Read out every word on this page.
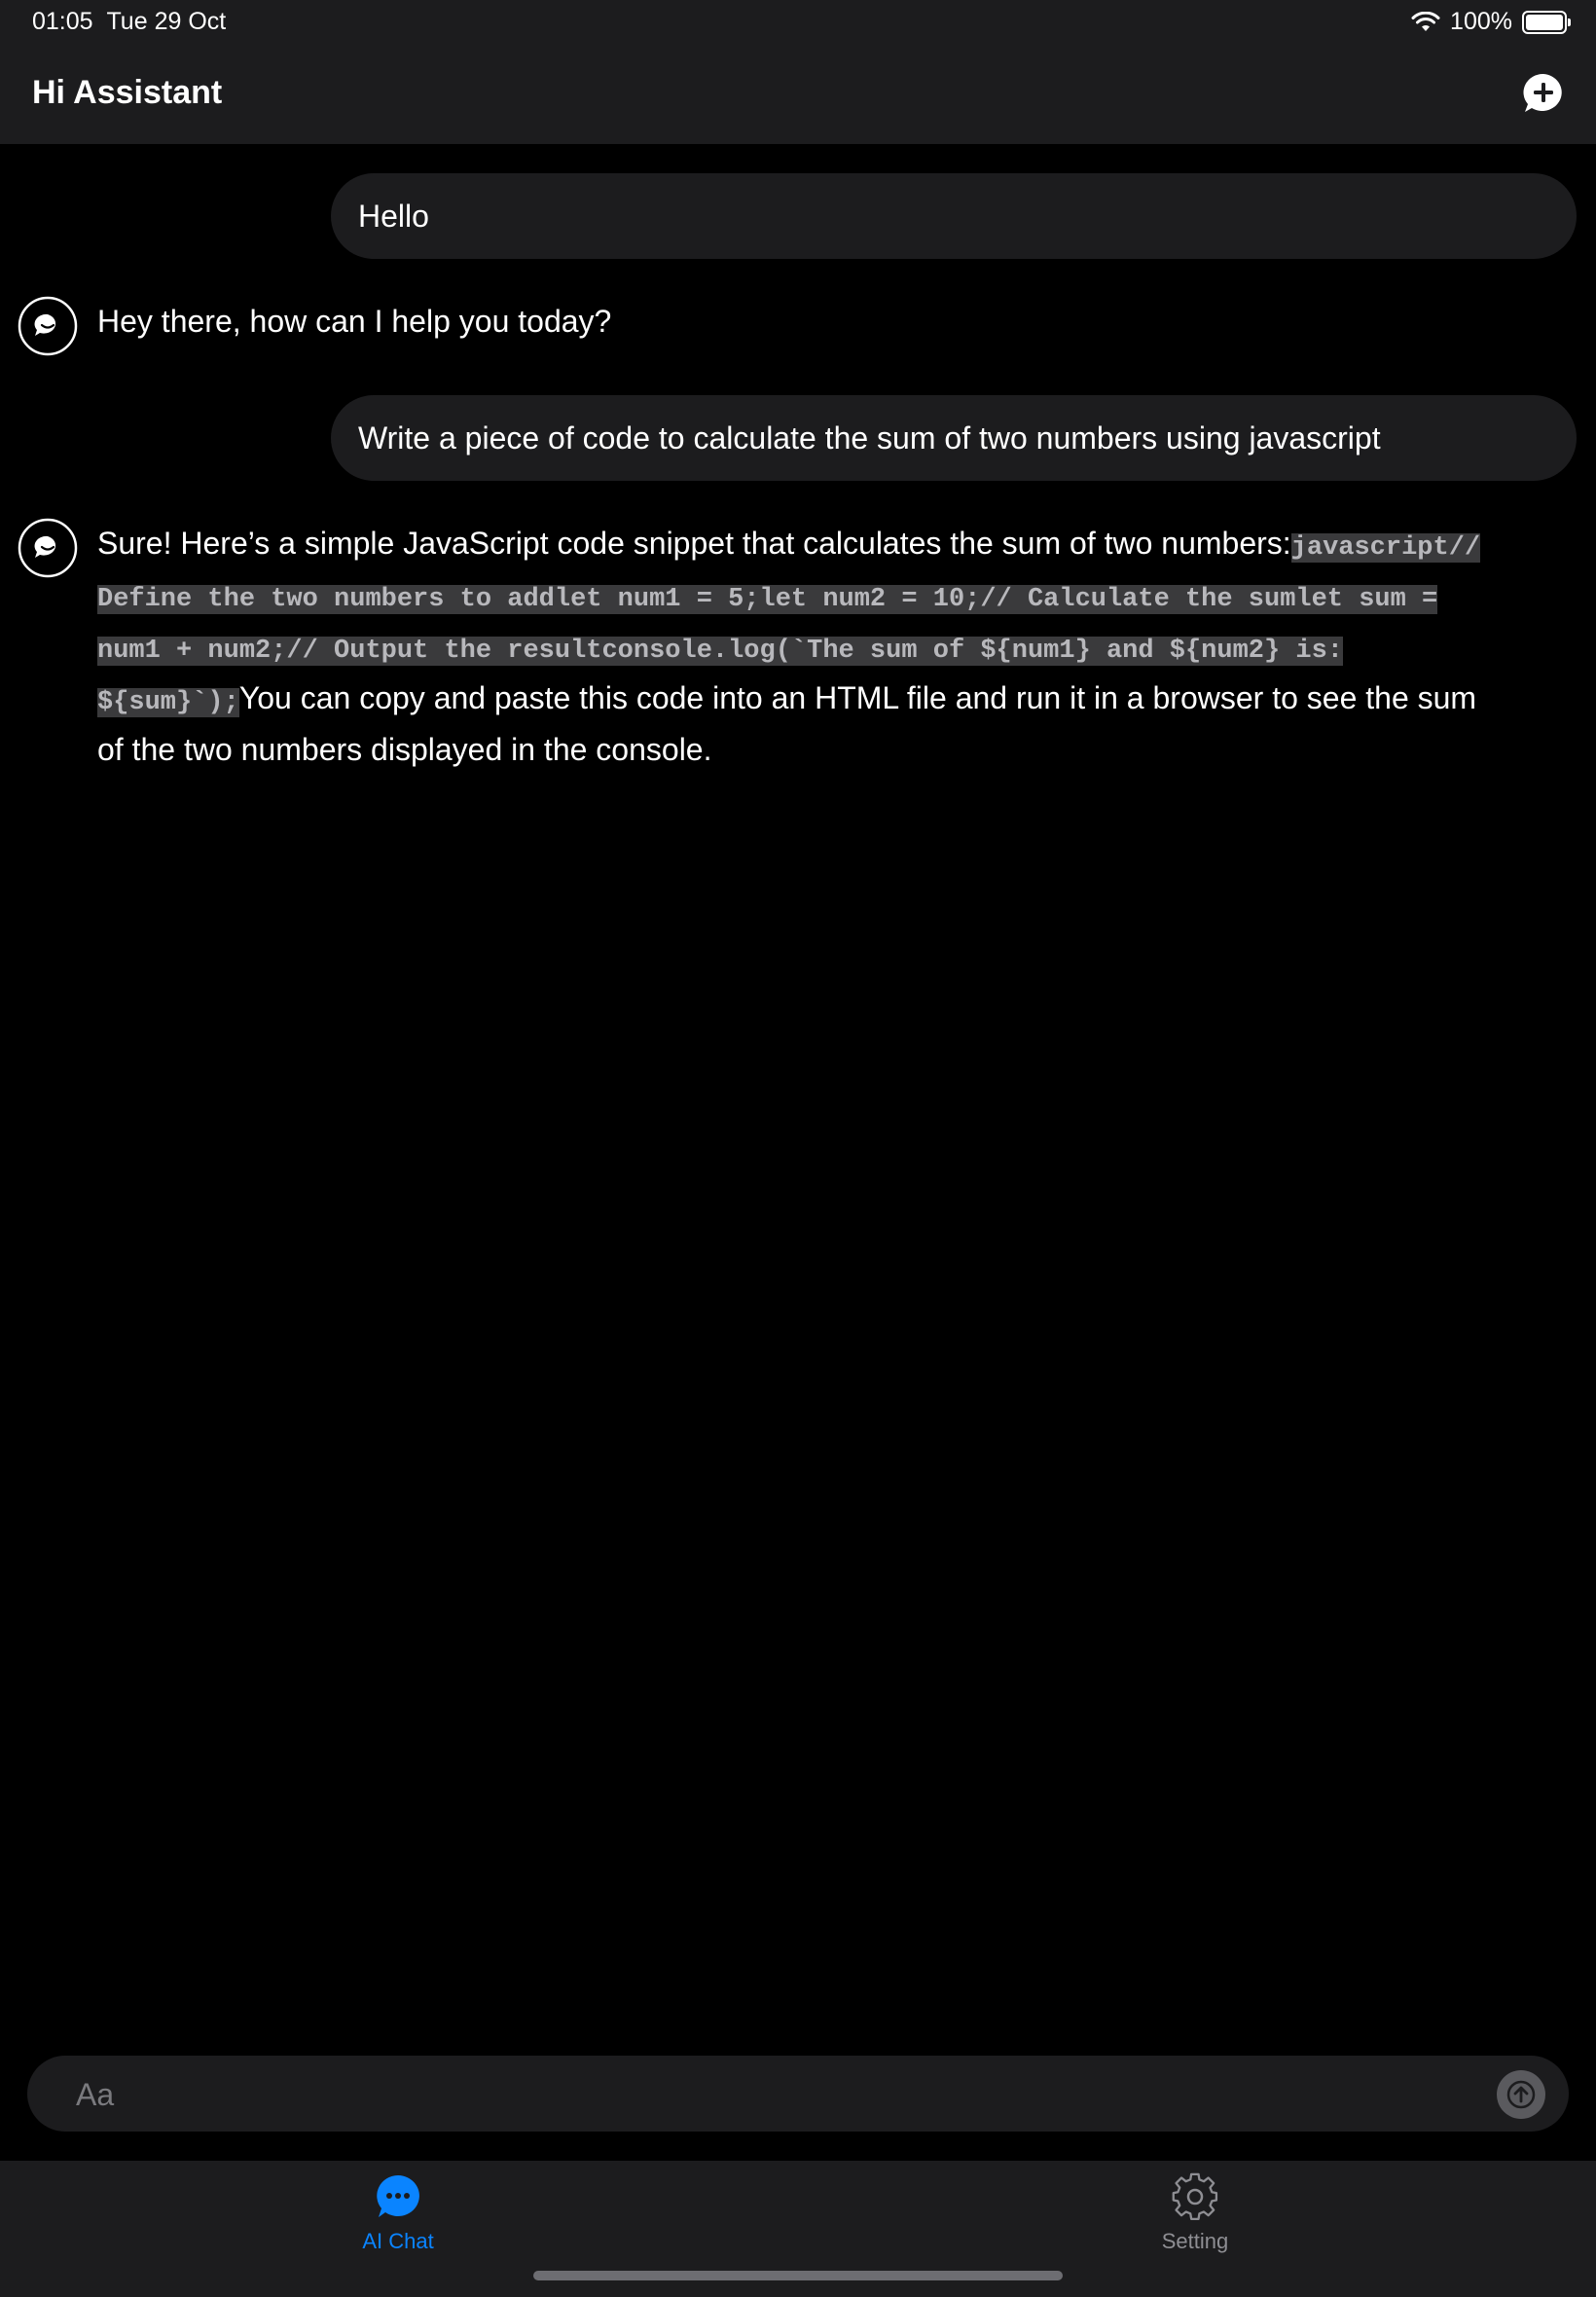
01:05 Tue 29 Oct	100%
Hi Assistant
Hello
Hey there, how can I help you today?
Write a piece of code to calculate the sum of two numbers using javascript
Sure! Here’s a simple JavaScript code snippet that calculates the sum of two numbers:javascript// Define the two numbers to addlet num1 = 5;let num2 = 10;// Calculate the sumlet sum = num1 + num2;// Output the resultconsole.log(`The sum of ${num1} and ${num2} is: ${sum}`);You can copy and paste this code into an HTML file and run it in a browser to see the sum of the two numbers displayed in the console.
Aa
AI Chat	Setting
